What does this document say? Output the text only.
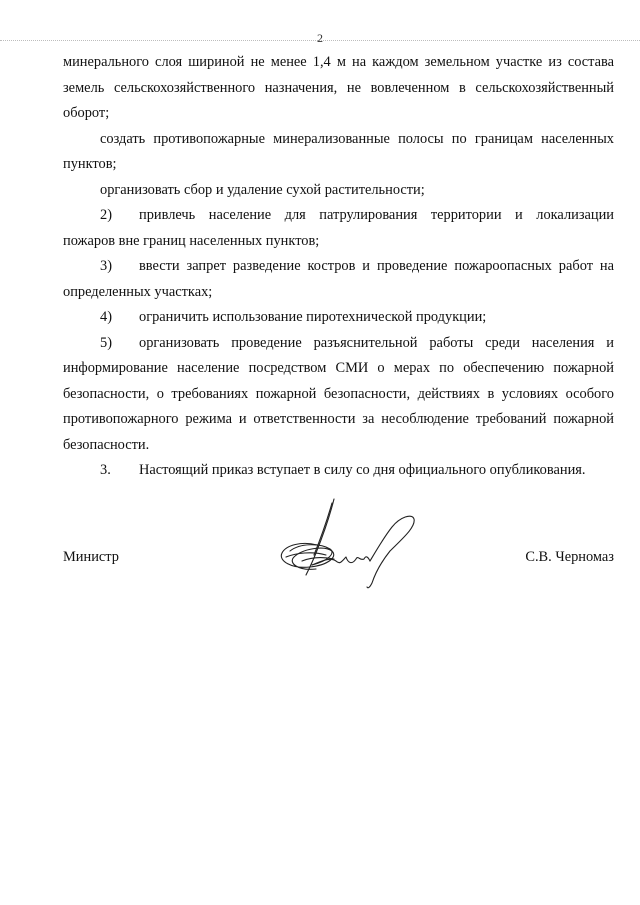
2

минерального слоя шириной не менее 1,4 м на каждом земельном участке из состава земель сельскохозяйственного назначения, не вовлеченном в сельскохозяйственный оборот;

создать противопожарные минерализованные полосы по границам населенных пунктов;

организовать сбор и удаление сухой растительности;

2)	привлечь население для патрулирования территории и локализации

пожаров вне границ населенных пунктов;

3)	ввести запрет разведение костров и проведение пожароопасных работ на

определенных участках;

4)	ограничить использование пиротехнической продукции;
5)	организовать проведение разъяснительной работы среди населения и

информирование население посредством СМИ о мерах по обеспечению пожарной безопасности, о требованиях пожарной безопасности, действиях в условиях особого противопожарного режима и ответственности за несоблюдение требований пожарной безопасности.

3.	Настоящий приказ вступает в силу со дня официального опубликования.
Министр	С.В. Черномаз
